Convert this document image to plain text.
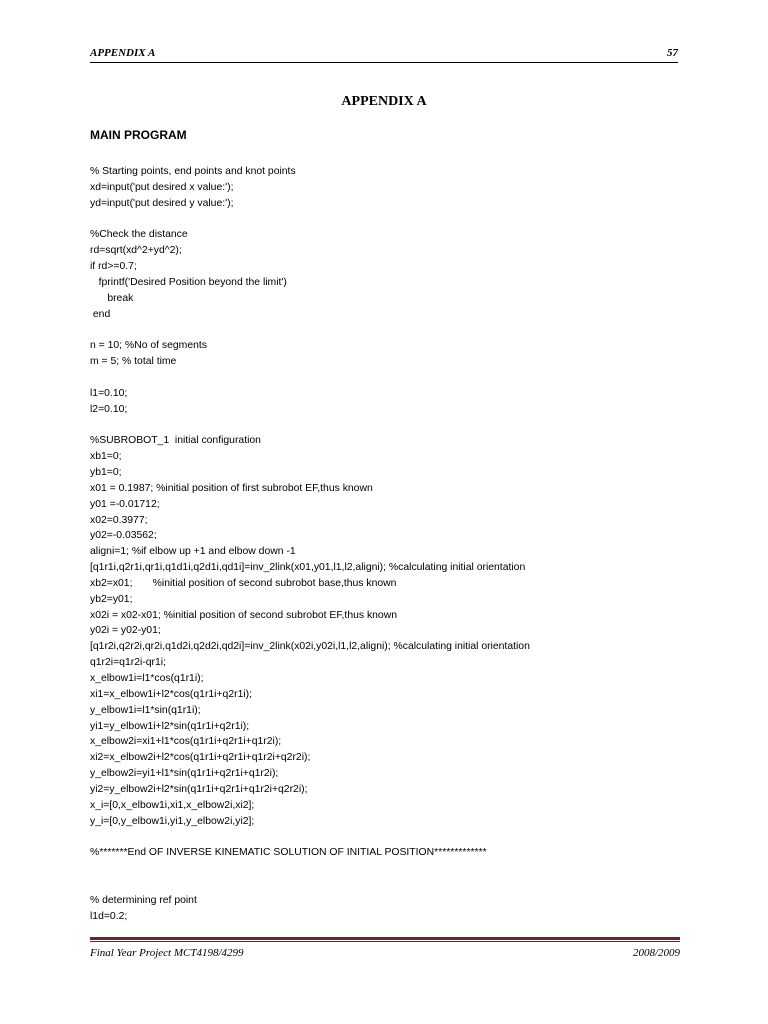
APPENDIX A	57
APPENDIX A
MAIN PROGRAM
% Starting points, end points and knot points
xd=input('put desired x value:');
yd=input('put desired y value:');
%Check the distance
rd=sqrt(xd^2+yd^2);
if rd>=0.7;
fprintf('Desired Position beyond the limit')
break
end
n = 10; %No of segments
m = 5; % total time
l1=0.10;
l2=0.10;
%SUBROBOT_1  initial configuration
xb1=0;
yb1=0;
x01 = 0.1987; %initial position of first subrobot EF,thus known
y01 =-0.01712;
x02=0.3977;
y02=-0.03562;
aligni=1; %if elbow up +1 and elbow down -1
[q1r1i,q2r1i,qr1i,q1d1i,q2d1i,qd1i]=inv_2link(x01,y01,l1,l2,aligni); %calculating initial orientation
xb2=x01;       %initial position of second subrobot base,thus known
yb2=y01;
x02i = x02-x01; %initial position of second subrobot EF,thus known
y02i = y02-y01;
[q1r2i,q2r2i,qr2i,q1d2i,q2d2i,qd2i]=inv_2link(x02i,y02i,l1,l2,aligni); %calculating initial orientation
q1r2i=q1r2i-qr1i;
x_elbow1i=l1*cos(q1r1i);
xi1=x_elbow1i+l2*cos(q1r1i+q2r1i);
y_elbow1i=l1*sin(q1r1i);
yi1=y_elbow1i+l2*sin(q1r1i+q2r1i);
x_elbow2i=xi1+l1*cos(q1r1i+q2r1i+q1r2i);
xi2=x_elbow2i+l2*cos(q1r1i+q2r1i+q1r2i+q2r2i);
y_elbow2i=yi1+l1*sin(q1r1i+q2r1i+q1r2i);
yi2=y_elbow2i+l2*sin(q1r1i+q2r1i+q1r2i+q2r2i);
x_i=[0,x_elbow1i,xi1,x_elbow2i,xi2];
y_i=[0,y_elbow1i,yi1,y_elbow2i,yi2];
%*******End OF INVERSE KINEMATIC SOLUTION OF INITIAL POSITION*************
% determining ref point
l1d=0.2;
Final Year Project MCT4198/4299	2008/2009
